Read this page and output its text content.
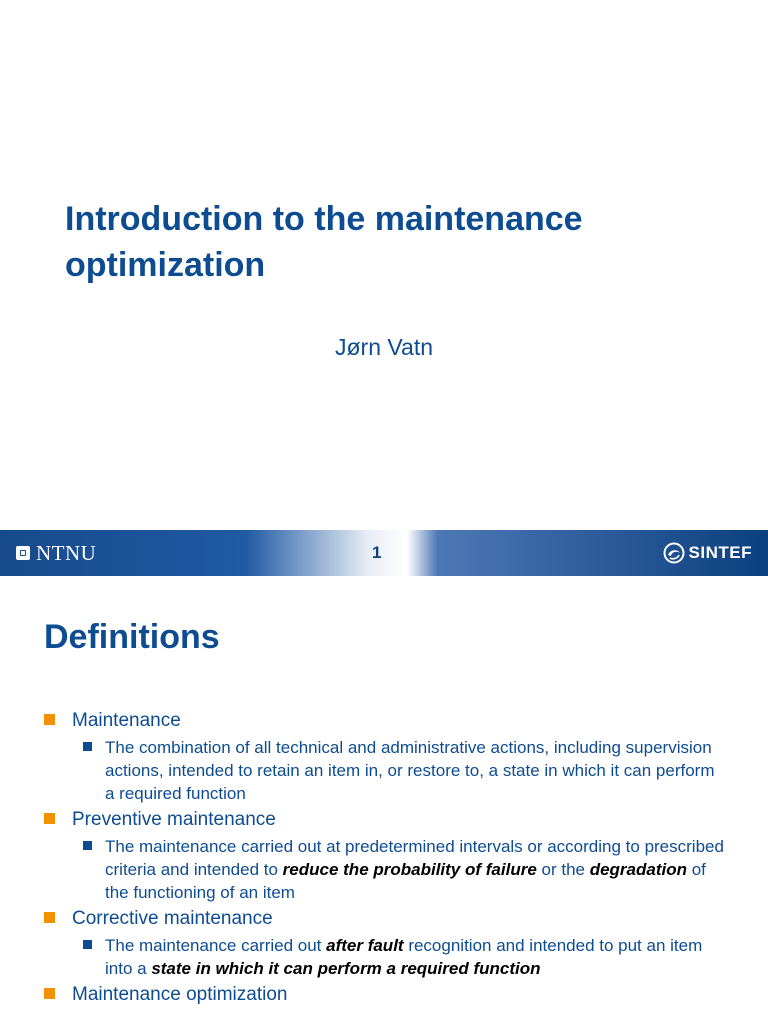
Introduction to the maintenance optimization
Jørn Vatn
NTNU	1	SINTEF
Definitions
Maintenance
The combination of all technical and administrative actions, including supervision actions, intended to retain an item in, or restore to, a state in which it can perform a required function
Preventive maintenance
The maintenance carried out at predetermined intervals or according to prescribed criteria and intended to reduce the probability of failure or the degradation of the functioning of an item
Corrective maintenance
The maintenance carried out after fault recognition and intended to put an item into a state in which it can perform a required function
Maintenance optimization
